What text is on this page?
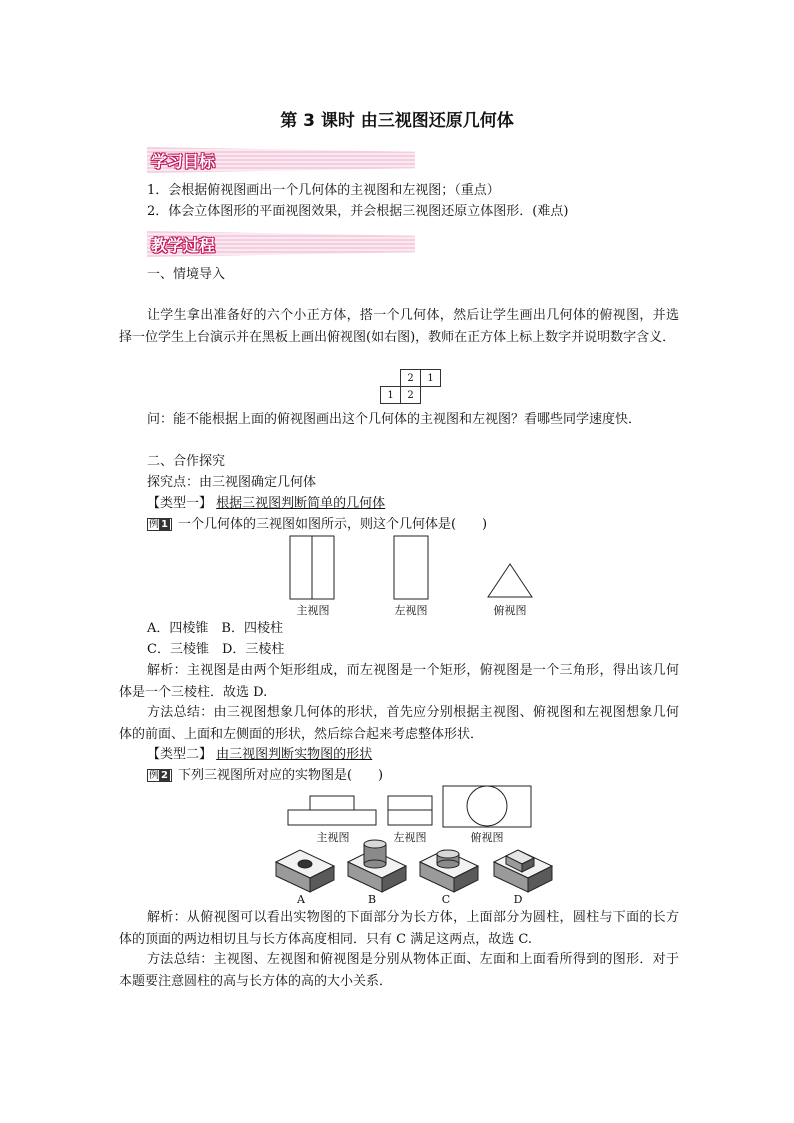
第 3 课时 由三视图还原几何体
学习目标
1．会根据俯视图画出一个几何体的主视图和左视图；（重点）
2．体会立体图形的平面视图效果，并会根据三视图还原立体图形．(难点)
教学过程
一、情境导入
让学生拿出准备好的六个小正方体，搭一个几何体，然后让学生画出几何体的俯视图，并选择一位学生上台演示并在黑板上画出俯视图(如右图)，教师在正方体上标上数字并说明数字含义．
	2	1
1	2	
问：能不能根据上面的俯视图画出这个几何体的主视图和左视图？看哪些同学速度快．
二、合作探究
探究点：由三视图确定几何体
【类型一】 根据三视图判断简单的几何体
例 1 一个几何体的三视图如图所示，则这个几何体是(　　)
主视图	左视图	俯视图
A．四棱锥　B．四棱柱
C．三棱锥　D．三棱柱
解析：主视图是由两个矩形组成，而左视图是一个矩形，俯视图是一个三角形，得出该几何体是一个三棱柱．故选 D.
方法总结：由三视图想象几何体的形状，首先应分别根据主视图、俯视图和左视图想象几何体的前面、上面和左侧面的形状，然后综合起来考虑整体形状．
【类型二】 由三视图判断实物图的形状
例 2 下列三视图所对应的实物图是(　　)
主视图	左视图	俯视图
A	B	C	D
解析：从俯视图可以看出实物图的下面部分为长方体，上面部分为圆柱，圆柱与下面的长方体的顶面的两边相切且与长方体高度相同．只有 C 满足这两点，故选 C.
方法总结：主视图、左视图和俯视图是分别从物体正面、左面和上面看所得到的图形．对于本题要注意圆柱的高与长方体的高的大小关系．
